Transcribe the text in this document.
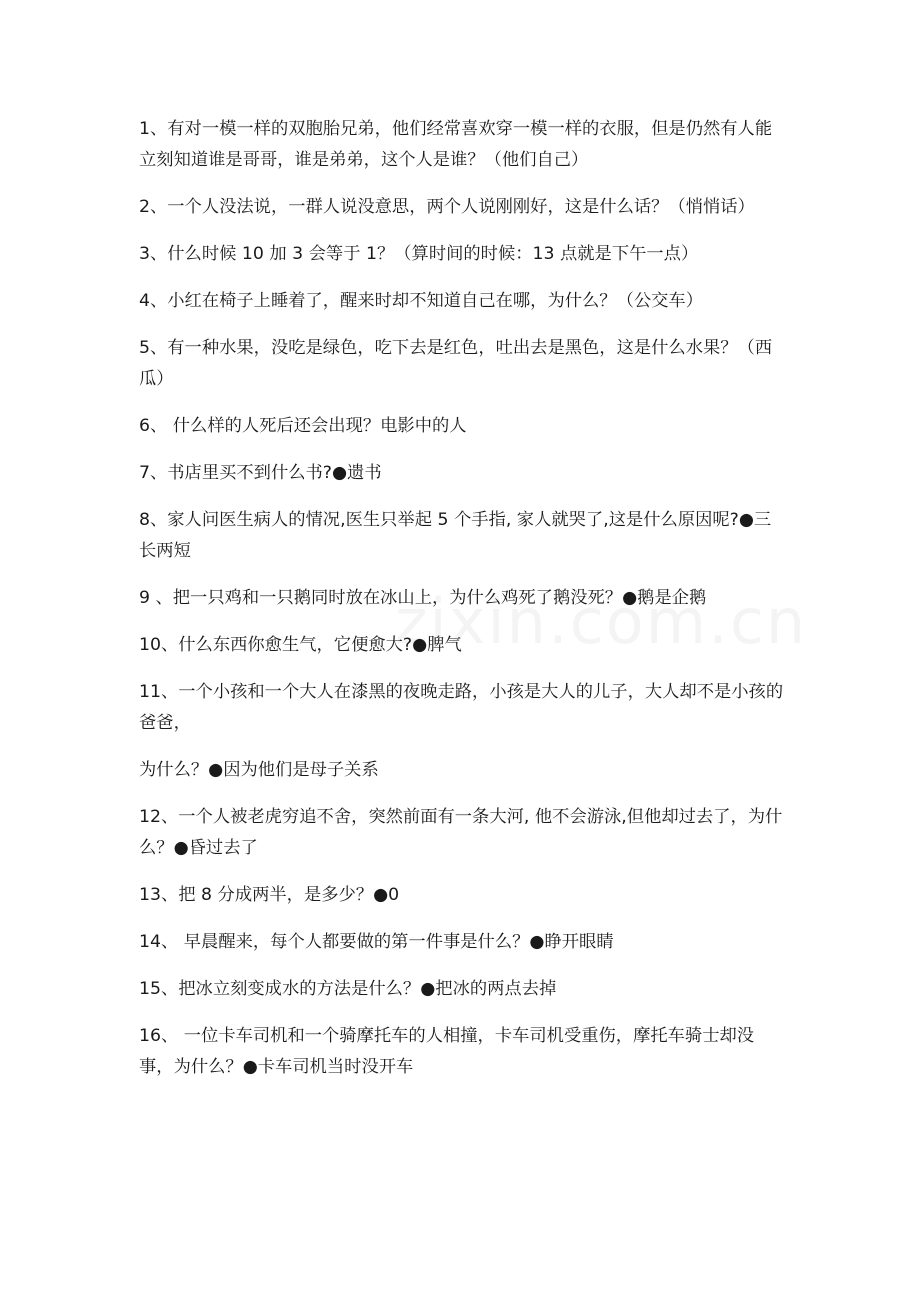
1、有对一模一样的双胞胎兄弟，他们经常喜欢穿一模一样的衣服，但是仍然有人能立刻知道谁是哥哥，谁是弟弟，这个人是谁？（他们自己）

2、一个人没法说，一群人说没意思，两个人说刚刚好，这是什么话？（悄悄话）

3、什么时候 10 加 3 会等于 1？（算时间的时候：13 点就是下午一点）

4、小红在椅子上睡着了，醒来时却不知道自己在哪，为什么？（公交车）

5、有一种水果，没吃是绿色，吃下去是红色，吐出去是黑色，这是什么水果？（西瓜）

6、 什么样的人死后还会出现？电影中的人

7、书店里买不到什么书?●遗书

8、家人问医生病人的情况,医生只举起 5 个手指, 家人就哭了,这是什么原因呢?●三长两短

9 、把一只鸡和一只鹅同时放在冰山上，为什么鸡死了鹅没死？●鹅是企鹅

10、什么东西你愈生气，它便愈大?●脾气

11、一个小孩和一个大人在漆黑的夜晚走路，小孩是大人的儿子，大人却不是小孩的爸爸，

为什么？●因为他们是母子关系

12、一个人被老虎穷追不舍，突然前面有一条大河, 他不会游泳,但他却过去了，为什么？●昏过去了

13、把 8 分成两半，是多少？●0

14、 早晨醒来，每个人都要做的第一件事是什么？●睁开眼睛

15、把冰立刻变成水的方法是什么？●把冰的两点去掉

16、 一位卡车司机和一个骑摩托车的人相撞，卡车司机受重伤，摩托车骑士却没事，为什么？●卡车司机当时没开车
